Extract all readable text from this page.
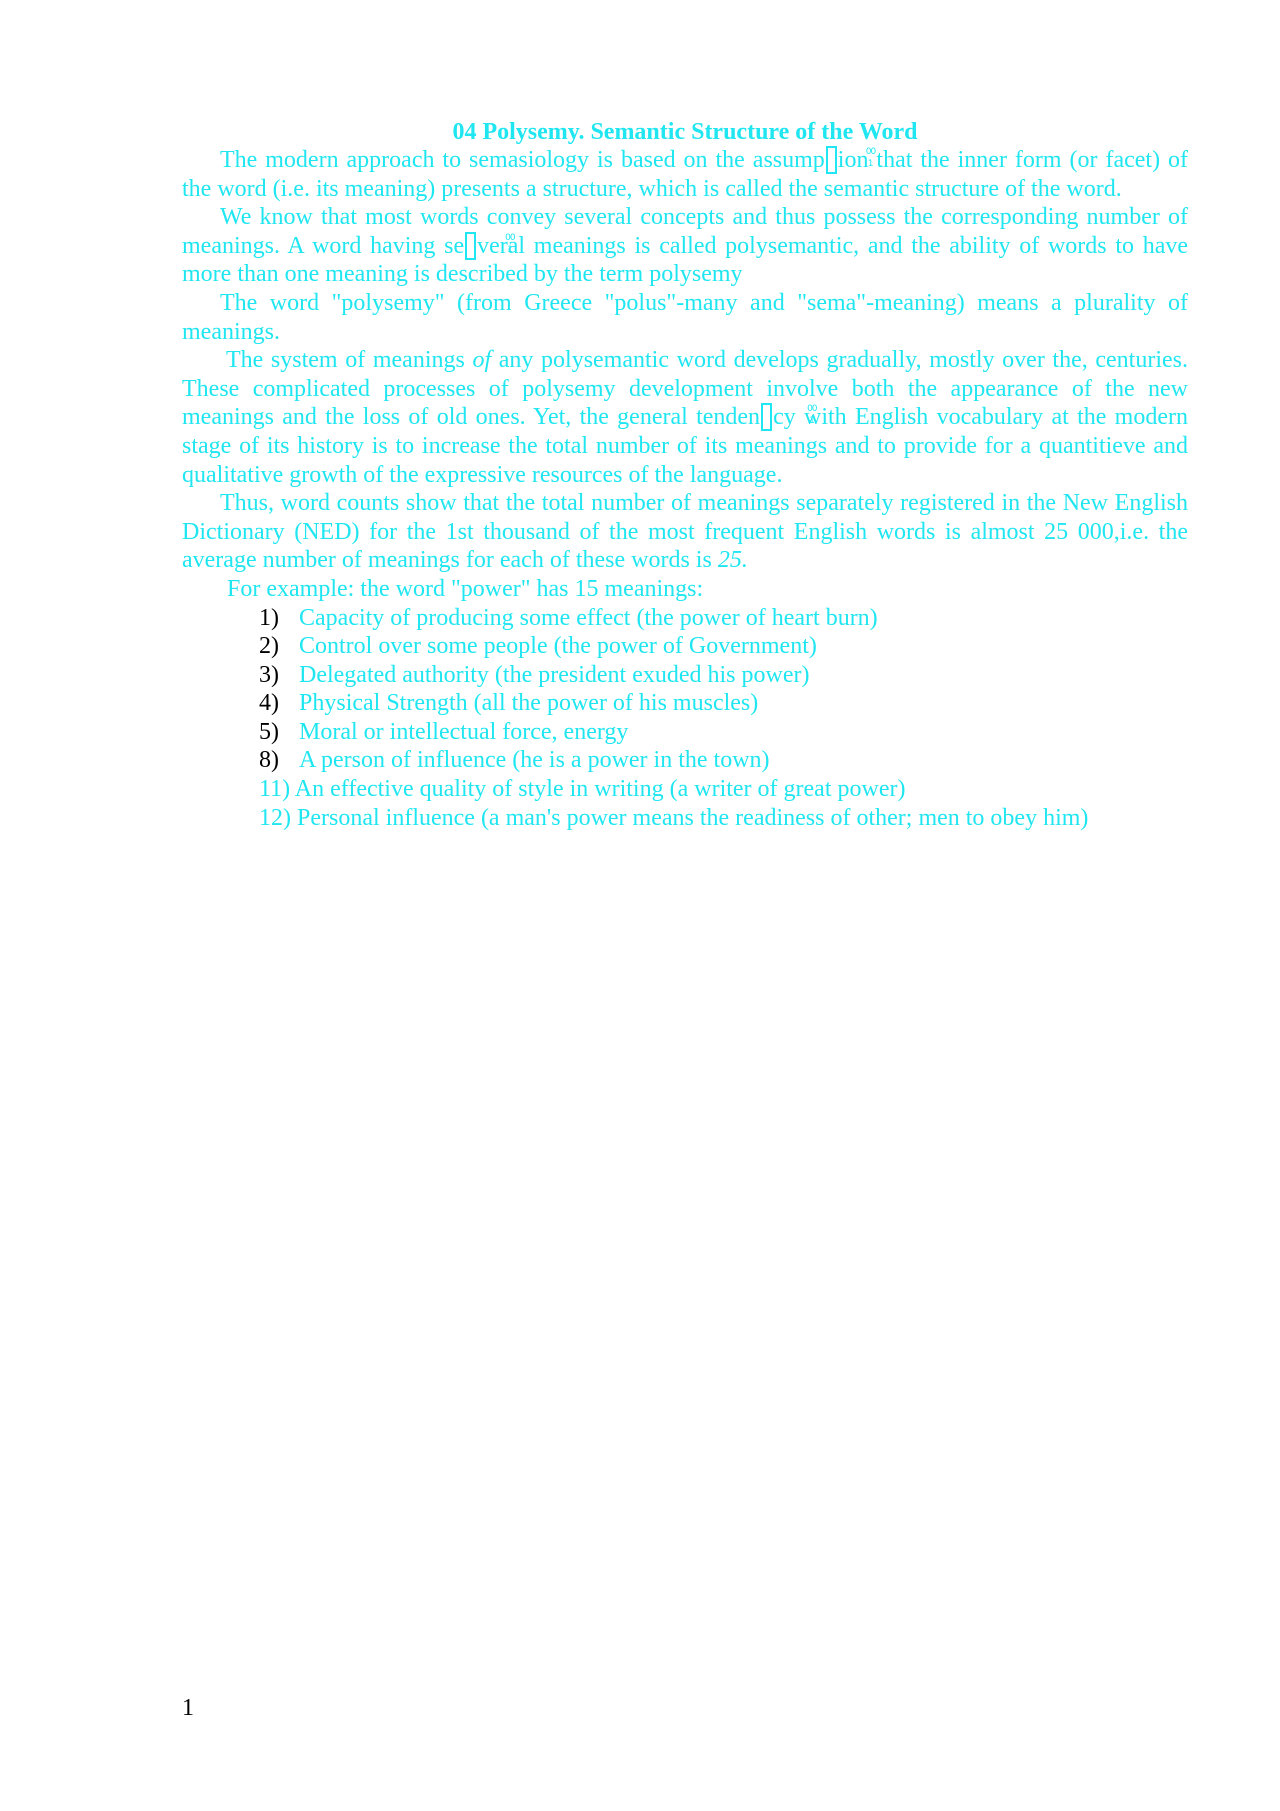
04 Polysemy. Semantic Structure of the Word

The modern approach to semasiology is based on the assump 00 1 ion that the inner form (or facet) of the word (i.e. its meaning) presents a structure, which is called the semantic structure of the word.

We know that most words convey several concepts and thus possess the corresponding number of meanings. A word having se 00 1 veral meanings is called polysemantic, and the ability of words to have more than one meaning is described by the term polysemy

The word "polysemy" (from Greece "polus"-many and "sema"-meaning) means a plurality of meanings.

The system of meanings of any polysemantic word develops gradually, mostly over the, centuries. These complicated processes of polysemy development involve both the appearance of the new meanings and the loss of old ones. Yet, the general tenden 00 1 cy with English vocabulary at the modern stage of its history is to increase the total number of its meanings and to provide for a quantitieve and qualitative growth of the expressive resources of the language.

Thus, word counts show that the total number of meanings separately registered in the New English Dictionary (NED) for the 1st thousand of the most frequent English words is almost 25 000,i.e. the average number of meanings for each of these words is 25.

For example: the word "power" has 15 meanings:

1) Capacity of producing some effect (the power of heart burn)
2) Control over some people (the power of Government)
3) Delegated authority (the president exuded his power)
4) Physical Strength (all the power of his muscles)
5) Moral or intellectual force, energy
8) A person of influence (he is a power in the town)
11) An effective quality of style in writing (a writer of great power)
12) Personal influence (a man's power means the readiness of other; men to obey him)
1
